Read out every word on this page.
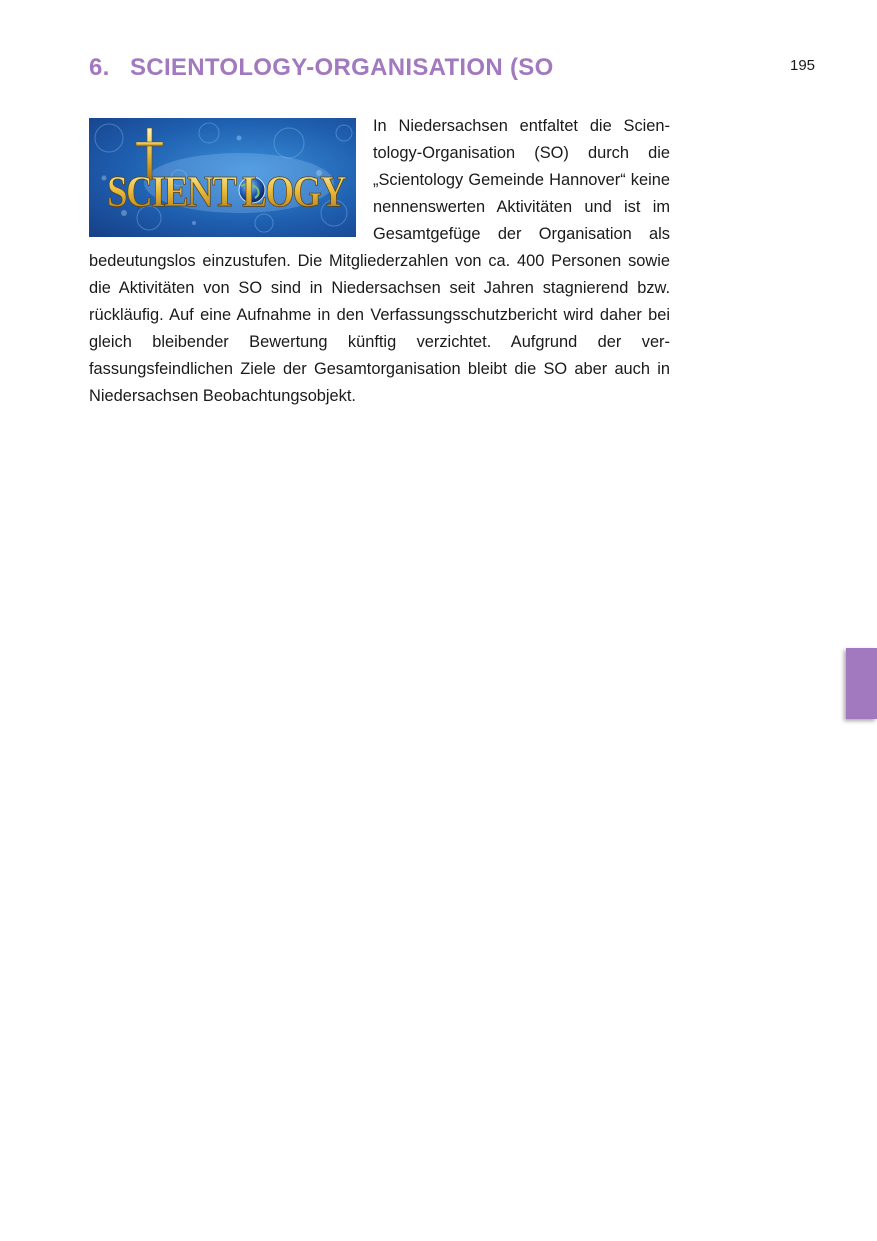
195
6. SCIENTOLOGY-ORGANISATION (SO
SCIENT LOGY
In Niedersachsen entfaltet die Scientology-Organisation (SO) durch die „Scientology Gemeinde Hannover“ keine nennenswerten Aktivitäten und ist im Gesamtgefüge der Organisation als bedeutungslos einzustufen. Die Mitgliederzahlen von ca. 400 Personen sowie die Aktivitäten von SO sind in Niedersachsen seit Jahren stagnierend bzw. rückläufig. Auf eine Aufnahme in den Verfassungsschutzbericht wird daher bei gleich bleibender Bewertung künftig verzichtet. Aufgrund der verfassungsfeindlichen Ziele der Gesamtorganisation bleibt die SO aber auch in Niedersachsen Beobachtungsobjekt.
